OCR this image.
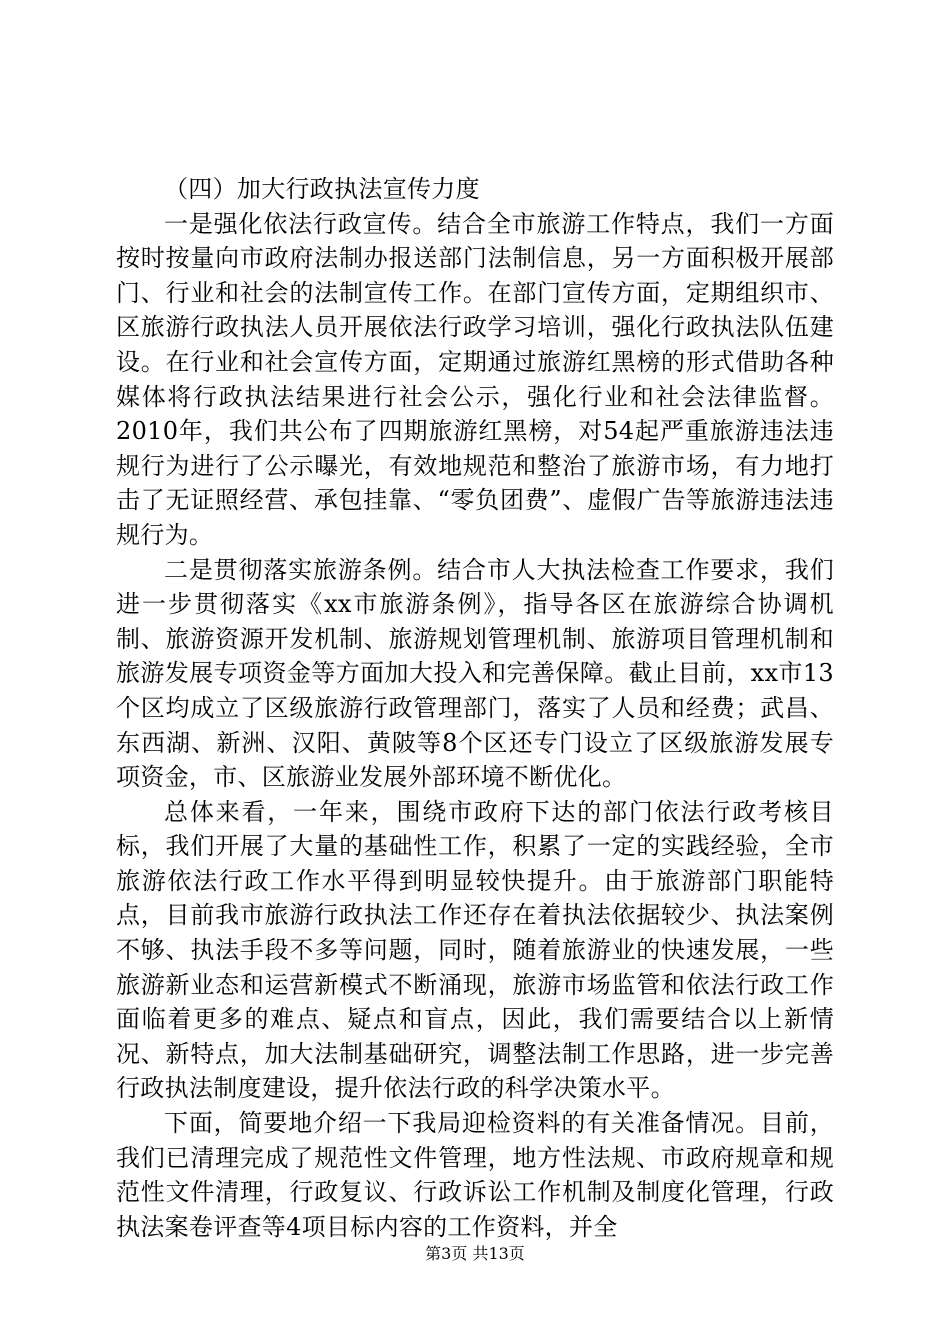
（四）加大行政执法宣传力度

一是强化依法行政宣传。结合全市旅游工作特点，我们一方面按时按量向市政府法制办报送部门法制信息，另一方面积极开展部门、行业和社会的法制宣传工作。在部门宣传方面，定期组织市、区旅游行政执法人员开展依法行政学习培训，强化行政执法队伍建设。在行业和社会宣传方面，定期通过旅游红黑榜的形式借助各种媒体将行政执法结果进行社会公示，强化行业和社会法律监督。2010年，我们共公布了四期旅游红黑榜，对54起严重旅游违法违规行为进行了公示曝光，有效地规范和整治了旅游市场，有力地打击了无证照经营、承包挂靠、“零负团费”、虚假广告等旅游违法违规行为。

二是贯彻落实旅游条例。结合市人大执法检查工作要求，我们进一步贯彻落实《xx市旅游条例》，指导各区在旅游综合协调机制、旅游资源开发机制、旅游规划管理机制、旅游项目管理机制和旅游发展专项资金等方面加大投入和完善保障。截止目前，xx市13个区均成立了区级旅游行政管理部门，落实了人员和经费；武昌、东西湖、新洲、汉阳、黄陂等8个区还专门设立了区级旅游发展专项资金，市、区旅游业发展外部环境不断优化。

总体来看，一年来，围绕市政府下达的部门依法行政考核目标，我们开展了大量的基础性工作，积累了一定的实践经验，全市旅游依法行政工作水平得到明显较快提升。由于旅游部门职能特点，目前我市旅游行政执法工作还存在着执法依据较少、执法案例不够、执法手段不多等问题，同时，随着旅游业的快速发展，一些旅游新业态和运营新模式不断涌现，旅游市场监管和依法行政工作面临着更多的难点、疑点和盲点，因此，我们需要结合以上新情况、新特点，加大法制基础研究，调整法制工作思路，进一步完善行政执法制度建设，提升依法行政的科学决策水平。

下面，简要地介绍一下我局迎检资料的有关准备情况。目前，我们已清理完成了规范性文件管理，地方性法规、市政府规章和规范性文件清理，行政复议、行政诉讼工作机制及制度化管理，行政执法案卷评查等4项目标内容的工作资料，并全

第3页 共13页
